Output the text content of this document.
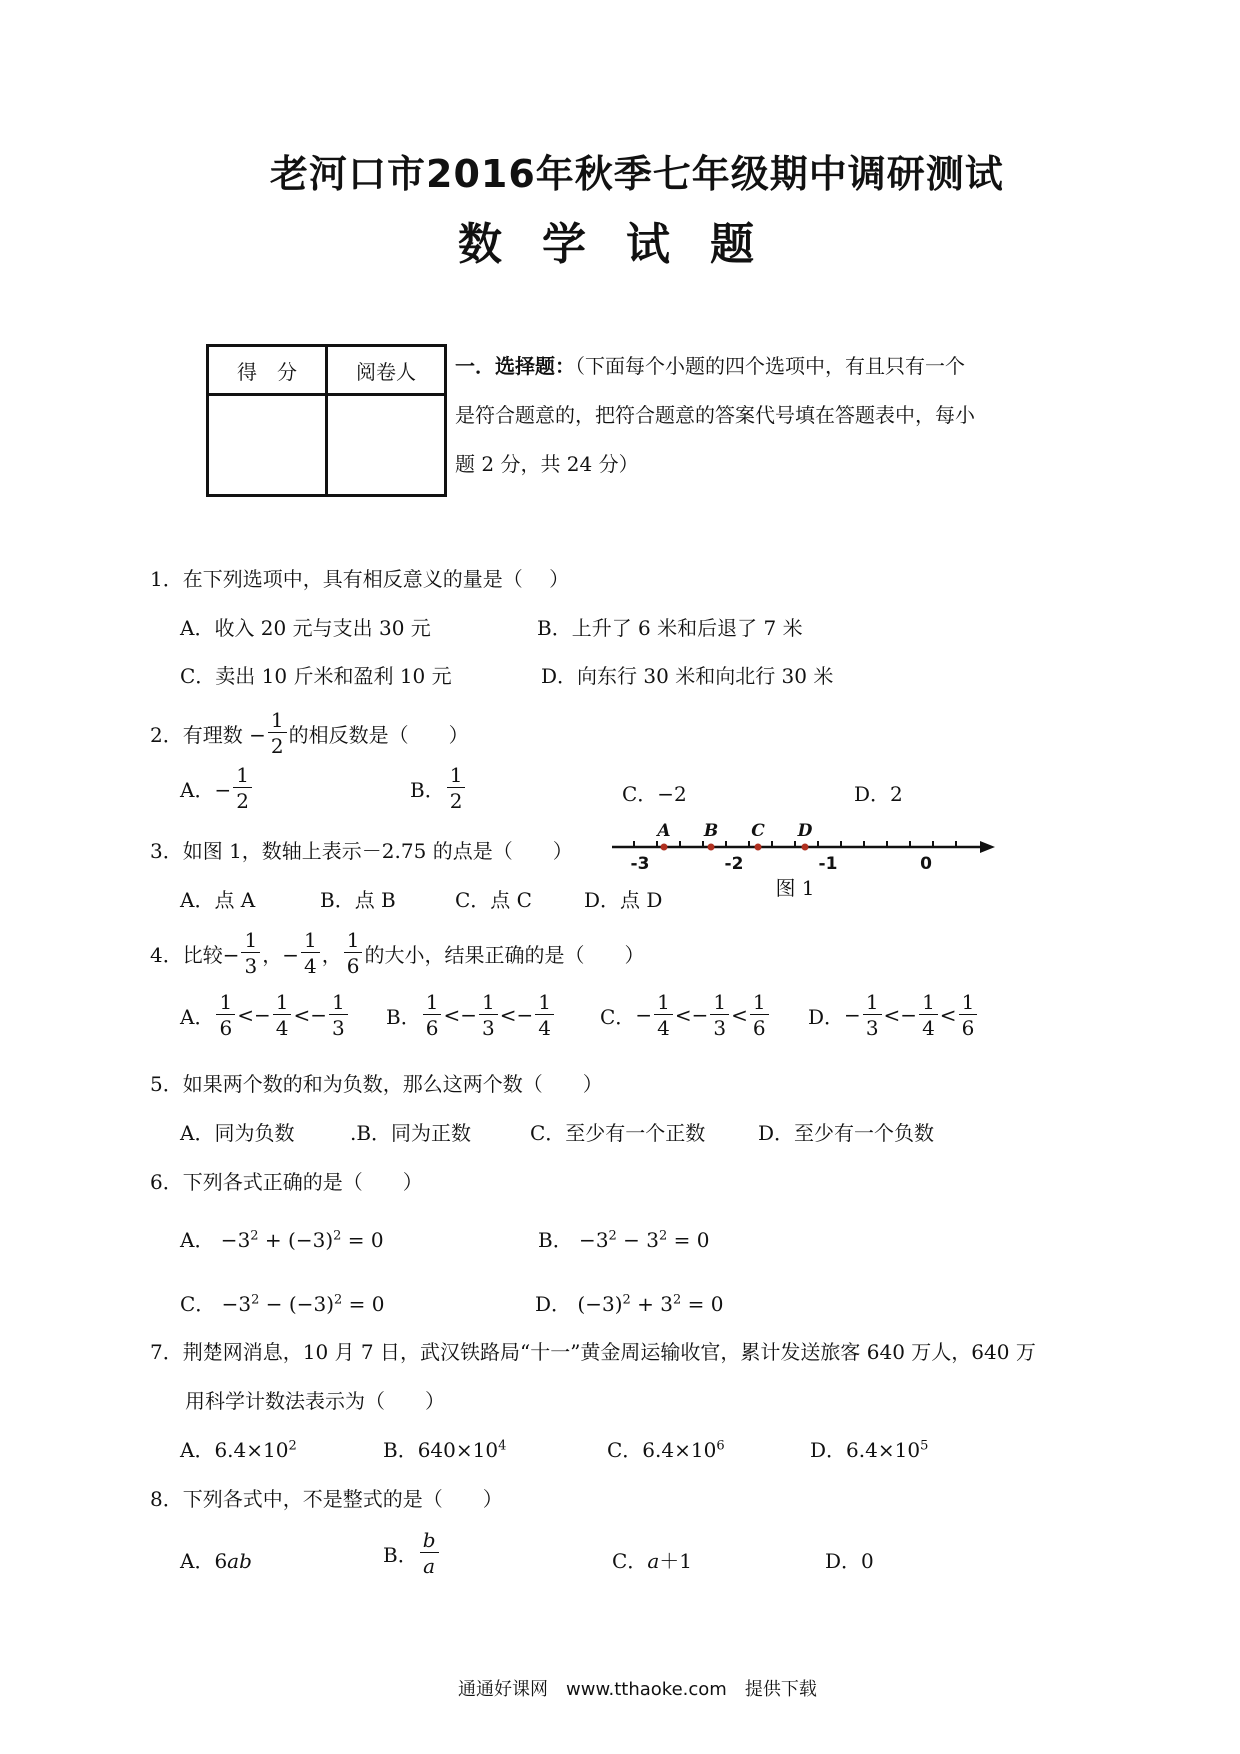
老河口市2016年秋季七年级期中调研测试
数学试题
得　分	阅卷人
	一．选择题：（下面每个小题的四个选项中，有且只有一个
是符合题意的，把符合题意的答案代号填在答题表中，每小
题 2 分，共 24 分）
1．在下列选项中，具有相反意义的量是（　 ）
A．收入 20 元与支出 30 元	B．上升了 6 米和后退了 7 米
C．卖出 10 斤米和盈利 10 元	D．向东行 30 米和向北行 30 米
2．有理数 − $\frac{1}{2}$ 的相反数是（　　）
A．− $\frac{1}{2}$	B． $\frac{1}{2}$	C．−2	D．2
3．如图 1，数轴上表示－2.75 的点是（　　）
A．点 A	B．点 B	C．点 C	D．点 D
-3	-2	-1	0
A B C D
图 1
4．比较− $\frac{1}{3}$ ，− $\frac{1}{4}$ ， $\frac{1}{6}$ 的大小，结果正确的是（　　）
A． $\frac{1}{6} <- \frac{1}{4} <- \frac{1}{3}$ B． $\frac{1}{6} <- \frac{1}{3} <- \frac{1}{4}$ C． − $\frac{1}{4} <- \frac{1}{3} < \frac{1}{6}$ D． − $\frac{1}{3} <- \frac{1}{4} < \frac{1}{6}$
5．如果两个数的和为负数，那么这两个数（　　）
A．同为负数	.B．同为正数	C．至少有一个正数	D．至少有一个负数
6．下列各式正确的是（　　）
A． $-3^2 + (-3)^2 = 0$	B． $-3^2 - 3^2 = 0$
C． $-3^2 - (-3)^2 = 0$	D． $(-3)^2 + 3^2 = 0$
7．荆楚网消息，10 月 7 日，武汉铁路局“十一”黄金周运输收官，累计发送旅客 640 万人，640 万
用科学计数法表示为（　　）
A．$6.4\times 10^2$	B．$640\times 10^4$	C．$6.4\times 10^6$	D．$6.4\times 10^5$
8．下列各式中，不是整式的是（　　）
A．6ab	B． $\frac{b}{a}$	C．a＋1	D．0
通通好课网　www.tthaoke.com　提供下载
